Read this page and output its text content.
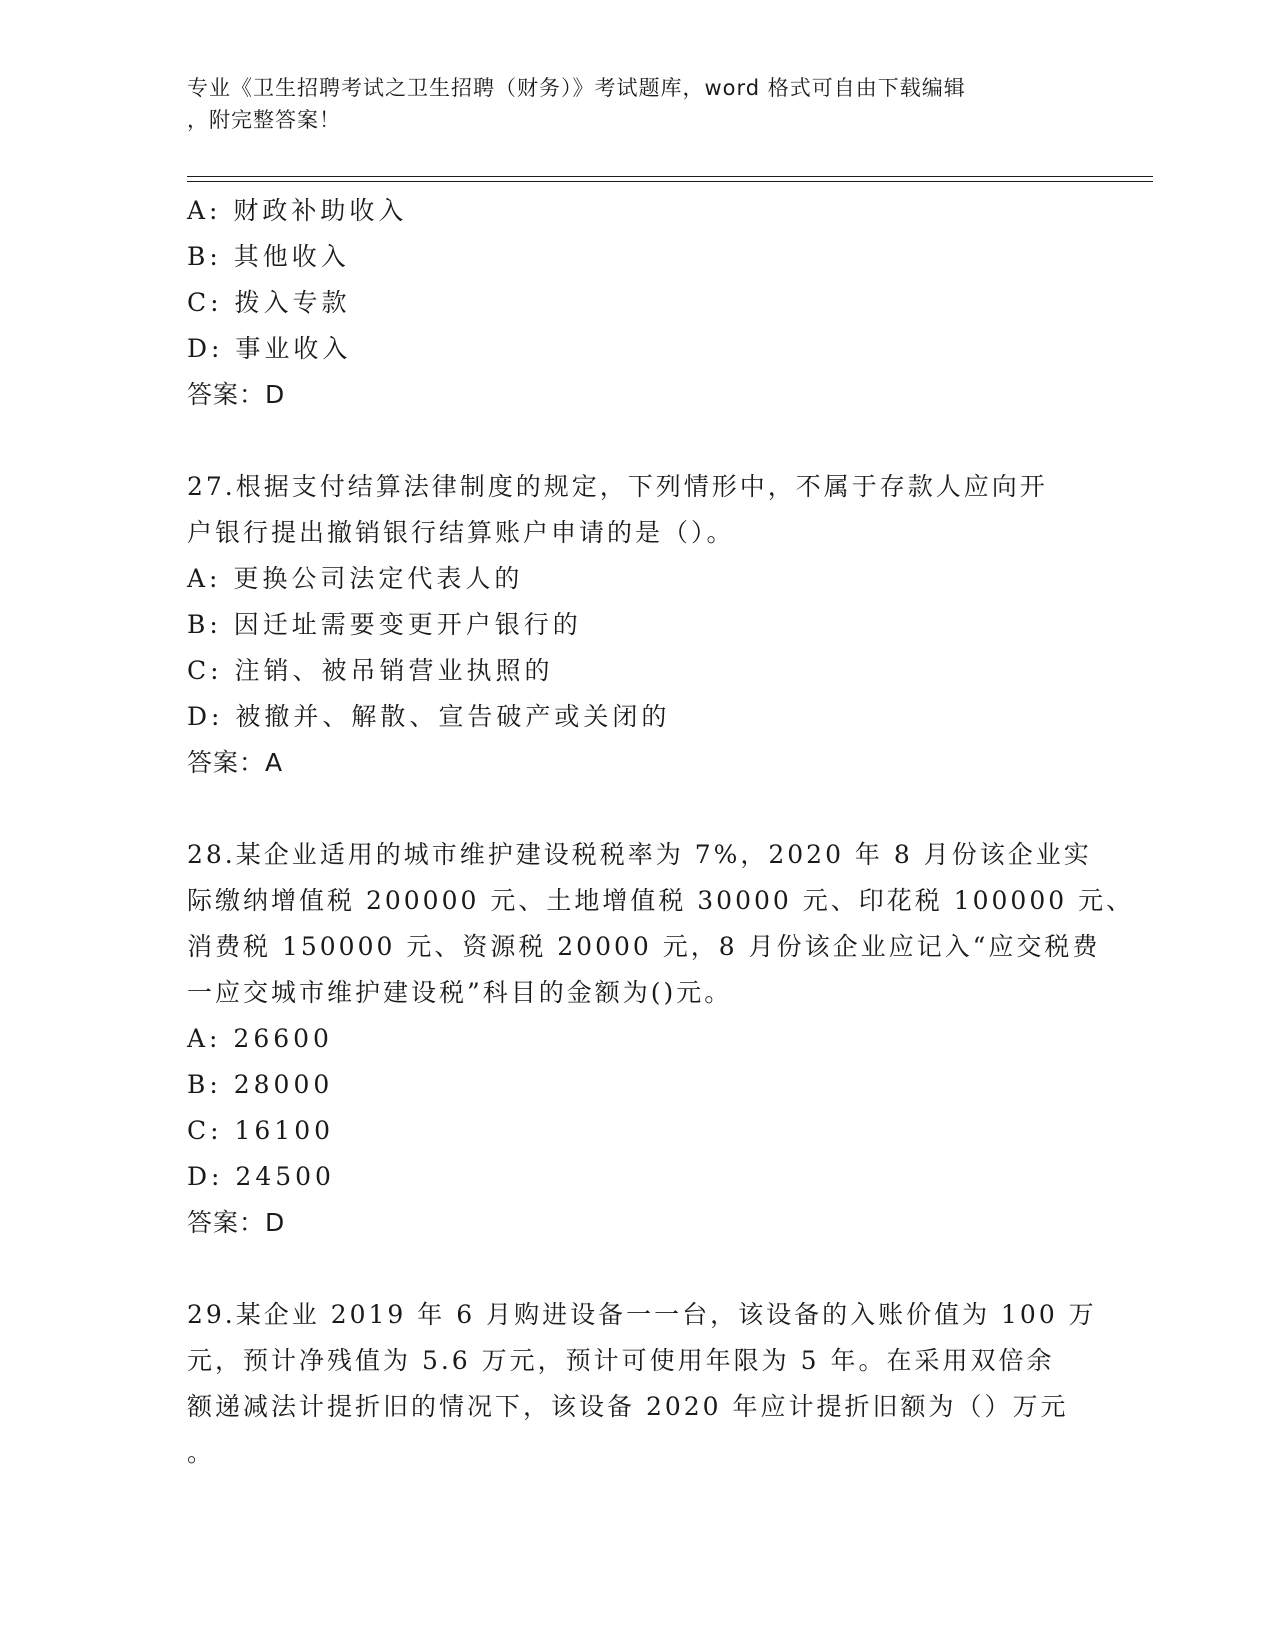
专业《卫生招聘考试之卫生招聘（财务）》考试题库，word 格式可自由下载编辑
，附完整答案！
A: 财政补助收入
B: 其他收入
C: 拨入专款
D: 事业收入
答案：D
27.根据支付结算法律制度的规定，下列情形中，不属于存款人应向开
户银行提出撤销银行结算账户申请的是（）。
A: 更换公司法定代表人的
B: 因迁址需要变更开户银行的
C: 注销、被吊销营业执照的
D: 被撤并、解散、宣告破产或关闭的
答案：A
28.某企业适用的城市维护建设税税率为 7%，2020 年 8 月份该企业实
际缴纳增值税 200000 元、土地增值税 30000 元、印花税 100000 元、
消费税 150000 元、资源税 20000 元，8 月份该企业应记入“应交税费
一应交城市维护建设税”科目的金额为()元。
A: 26600
B: 28000
C: 16100
D: 24500
答案：D
29.某企业 2019 年 6 月购进设备一一台，该设备的入账价值为 100 万
元，预计净残值为 5.6 万元，预计可使用年限为 5 年。在采用双倍余
额递减法计提折旧的情况下，该设备 2020 年应计提折旧额为（）万元
。
